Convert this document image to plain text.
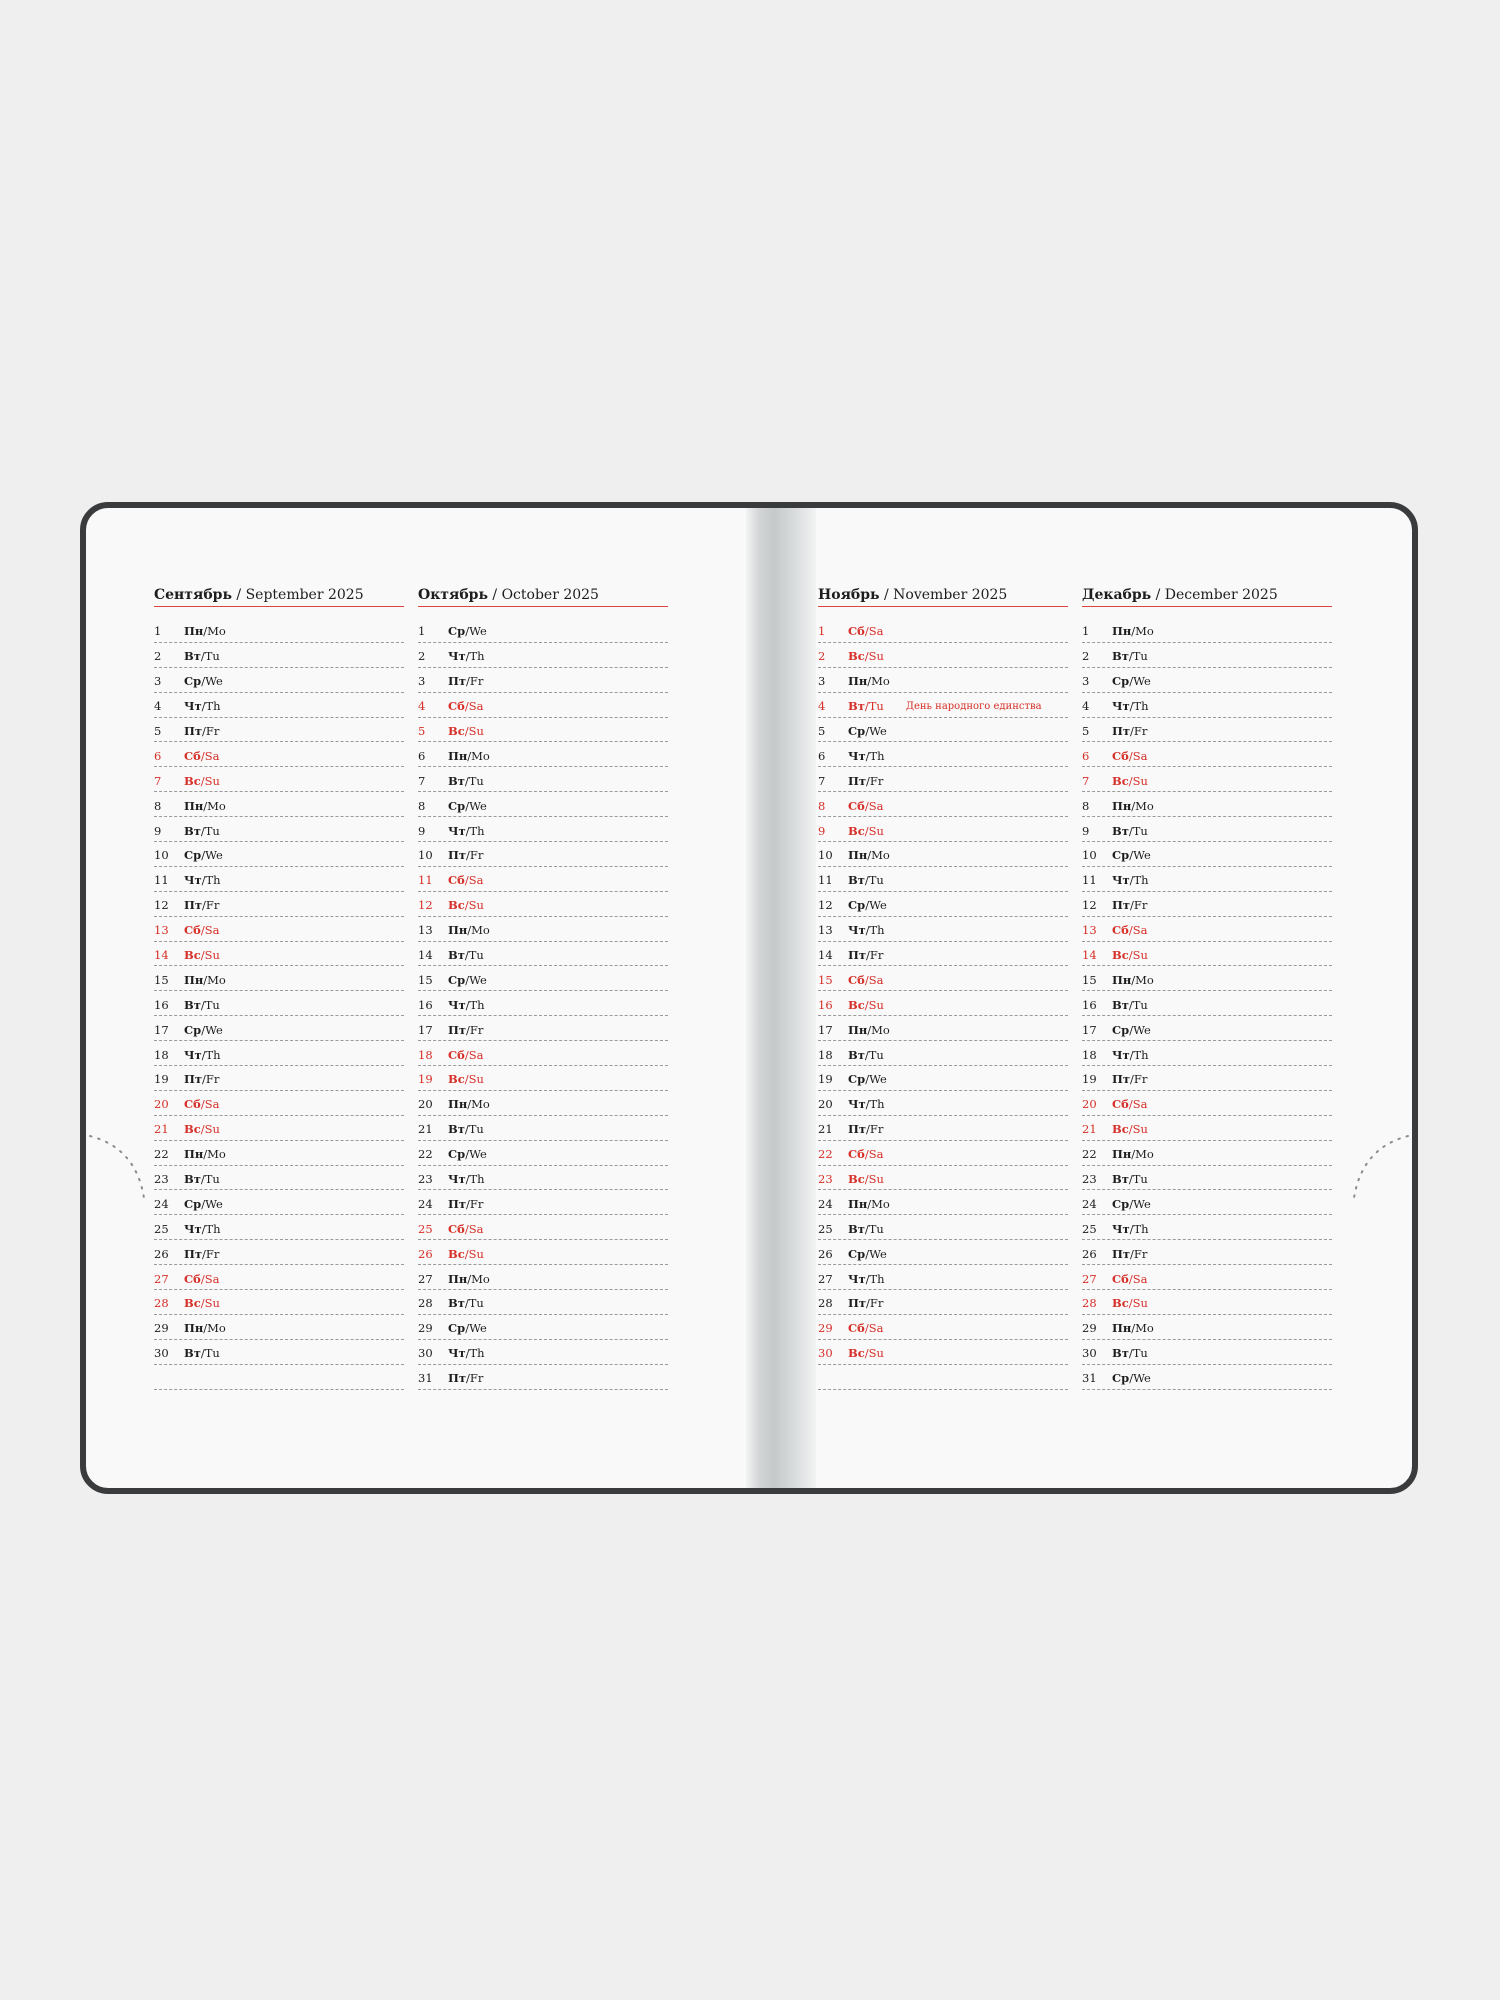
Сентябрь / September 2025
1	Пн/Mo
2	Вт/Tu
3	Ср/We
4	Чт/Th
5	Пт/Fr
6	Сб/Sa
7	Вс/Su
8	Пн/Mo
9	Вт/Tu
10	Ср/We
11	Чт/Th
12	Пт/Fr
13	Сб/Sa
14	Вс/Su
15	Пн/Mo
16	Вт/Tu
17	Ср/We
18	Чт/Th
19	Пт/Fr
20	Сб/Sa
21	Вс/Su
22	Пн/Mo
23	Вт/Tu
24	Ср/We
25	Чт/Th
26	Пт/Fr
27	Сб/Sa
28	Вс/Su
29	Пн/Mo
30	Вт/Tu
Октябрь / October 2025
1	Ср/We
2	Чт/Th
3	Пт/Fr
4	Сб/Sa
5	Вс/Su
6	Пн/Mo
7	Вт/Tu
8	Ср/We
9	Чт/Th
10	Пт/Fr
11	Сб/Sa
12	Вс/Su
13	Пн/Mo
14	Вт/Tu
15	Ср/We
16	Чт/Th
17	Пт/Fr
18	Сб/Sa
19	Вс/Su
20	Пн/Mo
21	Вт/Tu
22	Ср/We
23	Чт/Th
24	Пт/Fr
25	Сб/Sa
26	Вс/Su
27	Пн/Mo
28	Вт/Tu
29	Ср/We
30	Чт/Th
31	Пт/Fr
Ноябрь / November 2025
1	Сб/Sa
2	Вс/Su
3	Пн/Mo
4	Вт/Tu День народного единства
5	Ср/We
6	Чт/Th
7	Пт/Fr
8	Сб/Sa
9	Вс/Su
10	Пн/Mo
11	Вт/Tu
12	Ср/We
13	Чт/Th
14	Пт/Fr
15	Сб/Sa
16	Вс/Su
17	Пн/Mo
18	Вт/Tu
19	Ср/We
20	Чт/Th
21	Пт/Fr
22	Сб/Sa
23	Вс/Su
24	Пн/Mo
25	Вт/Tu
26	Ср/We
27	Чт/Th
28	Пт/Fr
29	Сб/Sa
30	Вс/Su
Декабрь / December 2025
1	Пн/Mo
2	Вт/Tu
3	Ср/We
4	Чт/Th
5	Пт/Fr
6	Сб/Sa
7	Вс/Su
8	Пн/Mo
9	Вт/Tu
10	Ср/We
11	Чт/Th
12	Пт/Fr
13	Сб/Sa
14	Вс/Su
15	Пн/Mo
16	Вт/Tu
17	Ср/We
18	Чт/Th
19	Пт/Fr
20	Сб/Sa
21	Вс/Su
22	Пн/Mo
23	Вт/Tu
24	Ср/We
25	Чт/Th
26	Пт/Fr
27	Сб/Sa
28	Вс/Su
29	Пн/Mo
30	Вт/Tu
31	Ср/We
